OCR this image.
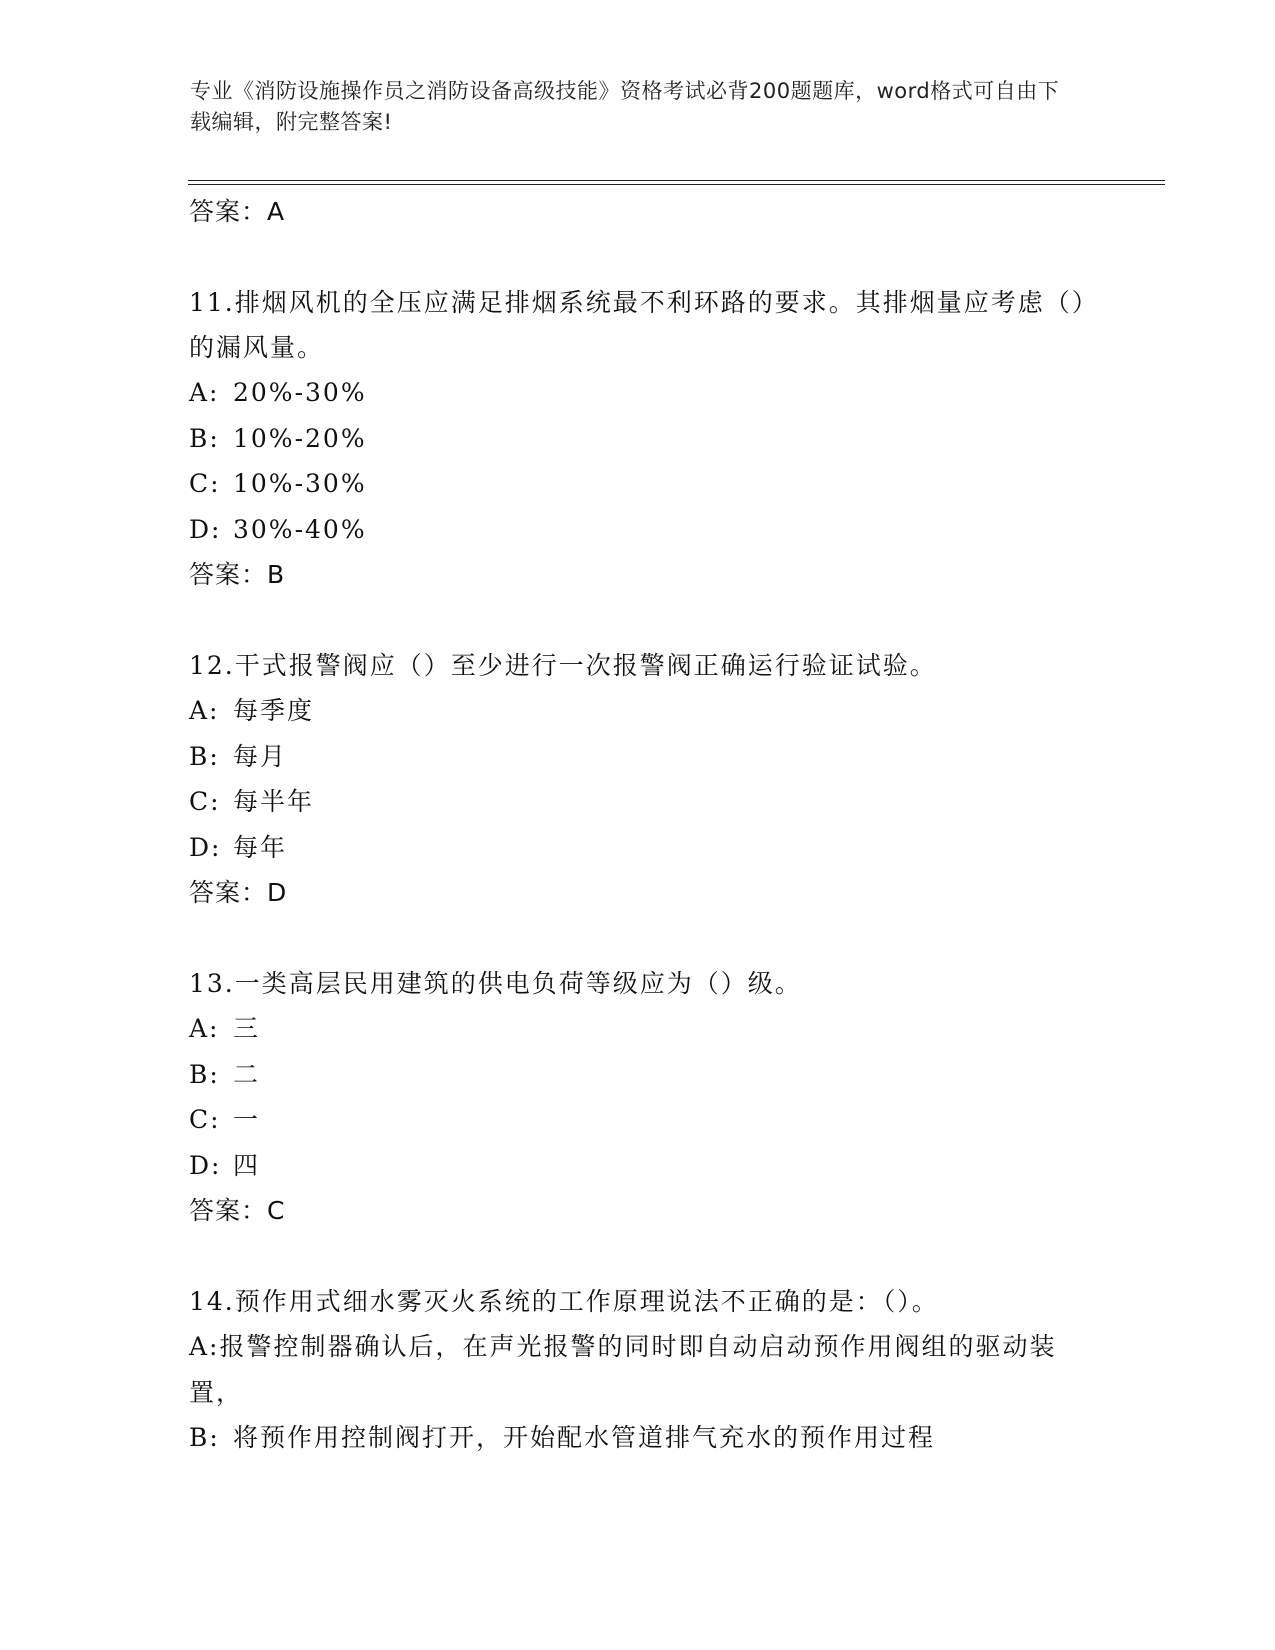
专业《消防设施操作员之消防设备高级技能》资格考试必背200题题库，word格式可自由下载编辑，附完整答案!
答案：A
11.排烟风机的全压应满足排烟系统最不利环路的要求。其排烟量应考虑（）的漏风量。
A: 20%-30%
B: 10%-20%
C: 10%-30%
D: 30%-40%
答案：B
12.干式报警阀应（）至少进行一次报警阀正确运行验证试验。
A: 每季度
B: 每月
C: 每半年
D: 每年
答案：D
13.一类高层民用建筑的供电负荷等级应为（）级。
A: 三
B: 二
C: 一
D: 四
答案：C
14.预作用式细水雾灭火系统的工作原理说法不正确的是：（）。
A:报警控制器确认后，在声光报警的同时即自动启动预作用阀组的驱动装置，
B: 将预作用控制阀打开，开始配水管道排气充水的预作用过程
